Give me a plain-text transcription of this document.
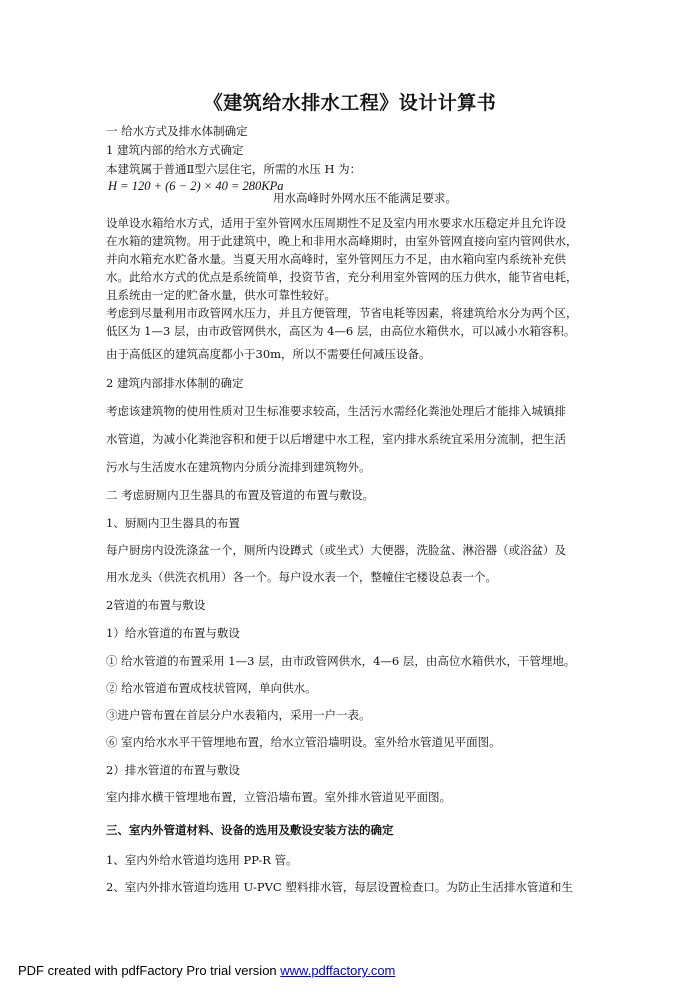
《建筑给水排水工程》设计计算书
一 给水方式及排水体制确定
1 建筑内部的给水方式确定
本建筑属于普通Ⅱ型六层住宅，所需的水压 H 为：
H = 120 + (6 − 2) × 40 = 280KPa
用水高峰时外网水压不能满足要求。
设单设水箱给水方式，适用于室外管网水压周期性不足及室内用水要求水压稳定并且允许设
在水箱的建筑物。用于此建筑中，晚上和非用水高峰期时，由室外管网直接向室内管网供水，
并向水箱充水贮备水量。当夏天用水高峰时，室外管网压力不足，由水箱向室内系统补充供
水。此给水方式的优点是系统简单，投资节省，充分利用室外管网的压力供水，能节省电耗，
且系统由一定的贮备水量，供水可靠性较好。
考虑到尽量利用市政管网水压力，并且方便管理，节省电耗等因素，将建筑给水分为两个区，
低区为 1—3 层，由市政管网供水，高区为 4—6 层，由高位水箱供水，可以减小水箱容积。
由于高低区的建筑高度都小于30m，所以不需要任何减压设备。
2 建筑内部排水体制的确定
考虑该建筑物的使用性质对卫生标准要求较高，生活污水需经化粪池处理后才能排入城镇排
水管道，为减小化粪池容积和便于以后增建中水工程，室内排水系统宜采用分流制，把生活
污水与生活废水在建筑物内分质分流排到建筑物外。
二 考虑厨厕内卫生器具的布置及管道的布置与敷设。
1、厨厕内卫生器具的布置
每户厨房内设洗涤盆一个，厕所内设蹲式（或坐式）大便器，洗脸盆、淋浴器（或浴盆）及
用水龙头（供洗衣机用）各一个。每户设水表一个，整幢住宅楼设总表一个。
2管道的布置与敷设
1）给水管道的布置与敷设
① 给水管道的布置采用 1—3 层，由市政管网供水，4—6 层，由高位水箱供水，干管埋地。
② 给水管道布置成枝状管网，单向供水。
③进户管布置在首层分户水表箱内，采用一户一表。
⑥ 室内给水水平干管埋地布置，给水立管沿墙明设。室外给水管道见平面图。
2）排水管道的布置与敷设
室内排水横干管埋地布置，立管沿墙布置。室外排水管道见平面图。
三、室内外管道材料、设备的选用及敷设安装方法的确定
1、室内外给水管道均选用 PP-R 管。
2、室内外排水管道均选用 U-PVC 塑料排水管，每层设置检查口。为防止生活排水管道和生
PDF created with pdfFactory Pro trial version www.pdffactory.com
